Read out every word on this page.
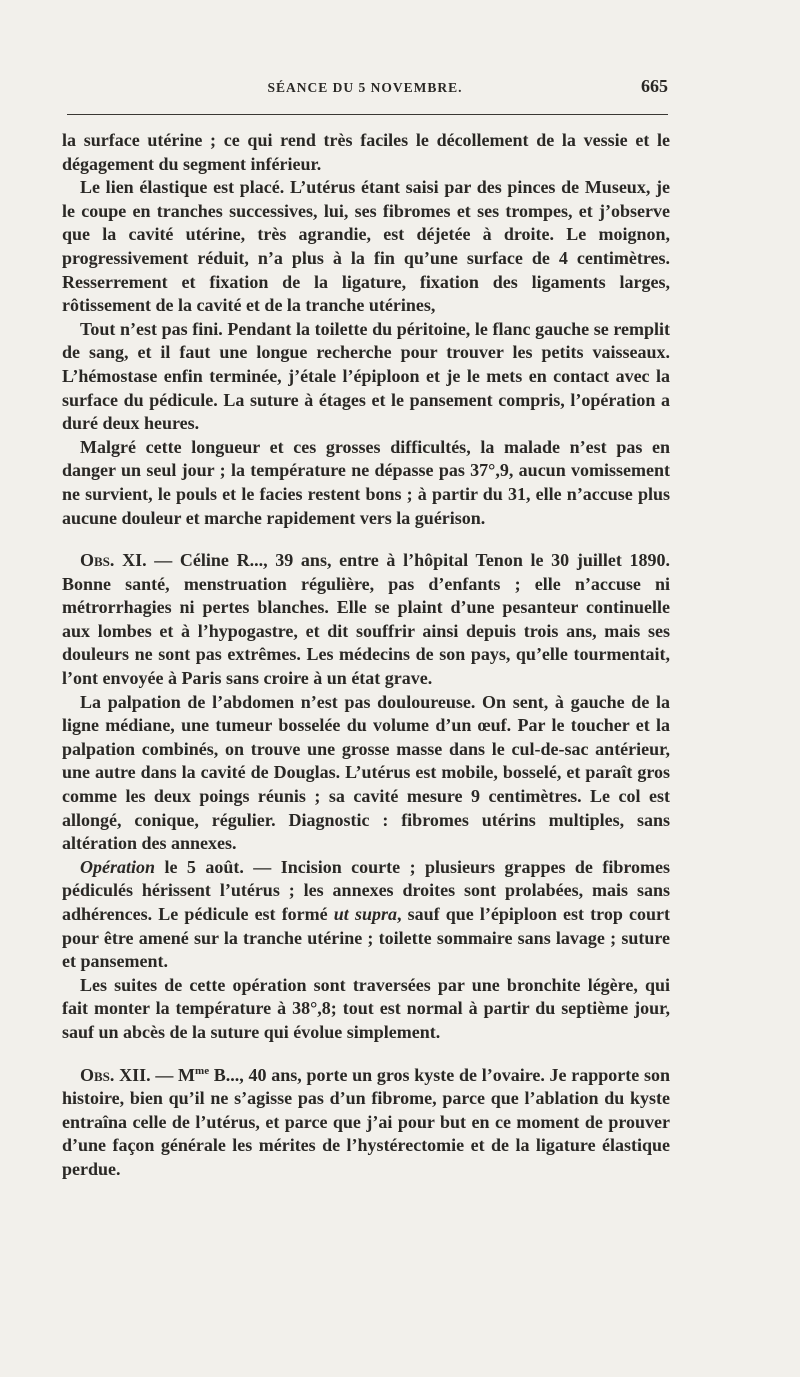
SÉANCE DU 5 NOVEMBRE.	665

la surface utérine ; ce qui rend très faciles le décollement de la vessie et le dégagement du segment inférieur.

Le lien élastique est placé. L’utérus étant saisi par des pinces de Museux, je le coupe en tranches successives, lui, ses fibromes et ses trompes, et j’observe que la cavité utérine, très agrandie, est déjetée à droite. Le moignon, progressivement réduit, n’a plus à la fin qu’une surface de 4 centimètres. Resserrement et fixation de la ligature, fixation des ligaments larges, rôtissement de la cavité et de la tranche utérines,

Tout n’est pas fini. Pendant la toilette du péritoine, le flanc gauche se remplit de sang, et il faut une longue recherche pour trouver les petits vaisseaux. L’hémostase enfin terminée, j’étale l’épiploon et je le mets en contact avec la surface du pédicule. La suture à étages et le pansement compris, l’opération a duré deux heures.

Malgré cette longueur et ces grosses difficultés, la malade n’est pas en danger un seul jour ; la température ne dépasse pas 37°,9, aucun vomissement ne survient, le pouls et le facies restent bons ; à partir du 31, elle n’accuse plus aucune douleur et marche rapidement vers la guérison.

Obs. XI. — Céline R..., 39 ans, entre à l’hôpital Tenon le 30 juillet 1890. Bonne santé, menstruation régulière, pas d’enfants ; elle n’accuse ni métrorrhagies ni pertes blanches. Elle se plaint d’une pesanteur continuelle aux lombes et à l’hypogastre, et dit souffrir ainsi depuis trois ans, mais ses douleurs ne sont pas extrêmes. Les médecins de son pays, qu’elle tourmentait, l’ont envoyée à Paris sans croire à un état grave.

La palpation de l’abdomen n’est pas douloureuse. On sent, à gauche de la ligne médiane, une tumeur bosselée du volume d’un œuf. Par le toucher et la palpation combinés, on trouve une grosse masse dans le cul-de-sac antérieur, une autre dans la cavité de Douglas. L’utérus est mobile, bosselé, et paraît gros comme les deux poings réunis ; sa cavité mesure 9 centimètres. Le col est allongé, conique, régulier. Diagnostic : fibromes utérins multiples, sans altération des annexes.

Opération le 5 août. — Incision courte ; plusieurs grappes de fibromes pédiculés hérissent l’utérus ; les annexes droites sont prolabées, mais sans adhérences. Le pédicule est formé ut supra, sauf que l’épiploon est trop court pour être amené sur la tranche utérine ; toilette sommaire sans lavage ; suture et pansement.

Les suites de cette opération sont traversées par une bronchite légère, qui fait monter la température à 38°,8; tout est normal à partir du septième jour, sauf un abcès de la suture qui évolue simplement.

Obs. XII. — $M^{me}$ B..., 40 ans, porte un gros kyste de l’ovaire. Je rapporte son histoire, bien qu’il ne s’agisse pas d’un fibrome, parce que l’ablation du kyste entraîna celle de l’utérus, et parce que j’ai pour but en ce moment de prouver d’une façon générale les mérites de l’hystérectomie et de la ligature élastique perdue.
